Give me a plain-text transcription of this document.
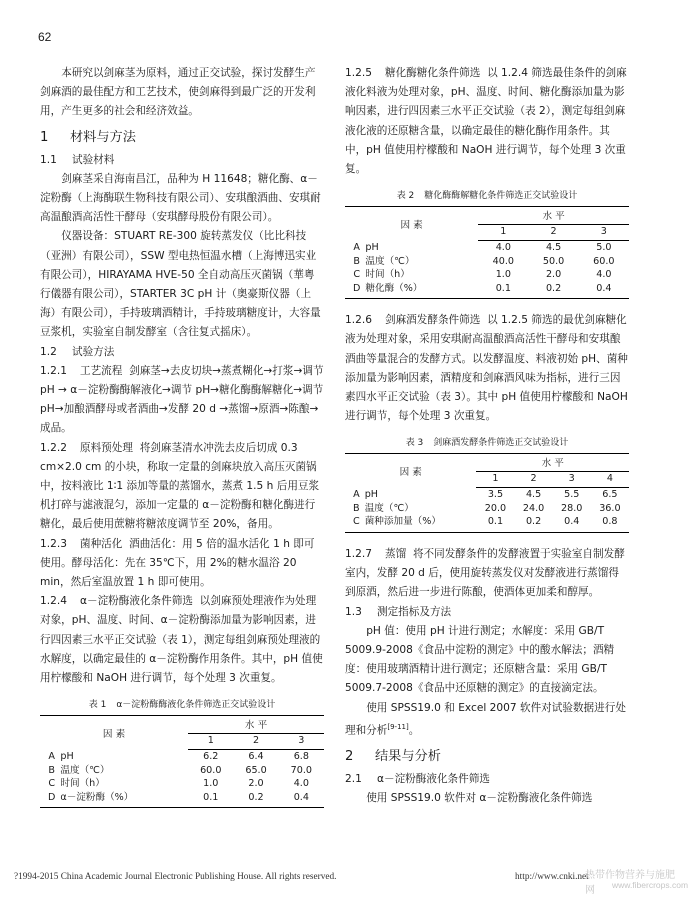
62

本研究以剑麻茎为原料，通过正交试验，探讨发酵生产剑麻酒的最佳配方和工艺技术，使剑麻得到最广泛的开发利用，产生更多的社会和经济效益。

1 材料与方法
1.1 试验材料

剑麻茎采自海南昌江，品种为 H 11648；糖化酶、α－淀粉酶（上海酶联生物科技有限公司）、安琪酿酒曲、安琪耐高温酿酒高活性干酵母（安琪酵母股份有限公司）。

仪器设备：STUART RE-300 旋转蒸发仪（比比科技（亚洲）有限公司），SSW 型电热恒温水槽（上海博迅实业有限公司），HIRAYAMA HVE-50 全自动高压灭菌锅（華粤行儀器有限公司），STARTER 3C pH 计（奥豪斯仪器（上海）有限公司），手持玻璃酒精计，手持玻璃糖度计，大容量豆浆机，实验室自制发酵室（含往复式摇床）。

1.2 试验方法

1.2.1 工艺流程 剑麻茎→去皮切块→蒸煮糊化→打浆→调节 pH → α－淀粉酶酶解液化→调节 pH→糖化酶酶解糖化→调节 pH→加酿酒酵母或者酒曲→发酵 20 d →蒸馏→原酒→陈酿→成品。

1.2.2 原料预处理 将剑麻茎清水冲洗去皮后切成 0.3 cm×2.0 cm 的小块，称取一定量的剑麻块放入高压灭菌锅中，按料液比 1∶1 添加等量的蒸馏水，蒸煮 1.5 h 后用豆浆机打碎与滤液混匀，添加一定量的 α－淀粉酶和糖化酶进行糖化，最后使用蔗糖将糖浓度调节至 20%，备用。

1.2.3 菌种活化 酒曲活化：用 5 倍的温水活化 1 h 即可使用。酵母活化：先在 35℃下，用 2%的糖水温浴 20 min，然后室温放置 1 h 即可使用。

1.2.4 α－淀粉酶液化条件筛选 以剑麻预处理液作为处理对象，pH、温度、时间、α－淀粉酶添加量为影响因素，进行四因素三水平正交试验（表 1），测定每组剑麻预处理液的水解度，以确定最佳的 α－淀粉酶作用条件。其中，pH 值使用柠檬酸和 NaOH 进行调节，每个处理 3 次重复。

表 1 α－淀粉酶酶液化条件筛选正交试验设计
因 素		水 平		
		1	2	3
A	pH	6.2	6.4	6.8
B	温度（℃）	60.0	65.0	70.0
C	时间（h）	1.0	2.0	4.0
D	α－淀粉酶（%）	0.1	0.2	0.4

1.2.5 糖化酶糖化条件筛选 以 1.2.4 筛选最佳条件的剑麻液化料液为处理对象，pH、温度、时间、糖化酶添加量为影响因素，进行四因素三水平正交试验（表 2），测定每组剑麻液化液的还原糖含量，以确定最佳的糖化酶作用条件。其中，pH 值使用柠檬酸和 NaOH 进行调节，每个处理 3 次重复。

表 2 糖化酶酶解糖化条件筛选正交试验设计
因 素		水 平		
		1	2	3
A	pH	4.0	4.5	5.0
B	温度（℃）	40.0	50.0	60.0
C	时间（h）	1.0	2.0	4.0
D	糖化酶（%）	0.1	0.2	0.4

1.2.6 剑麻酒发酵条件筛选 以 1.2.5 筛选的最优剑麻糖化液为处理对象，采用安琪耐高温酿酒高活性干酵母和安琪酿酒曲等量混合的发酵方式。以发酵温度、料液初始 pH、菌种添加量为影响因素，酒精度和剑麻酒风味为指标，进行三因素四水平正交试验（表 3）。其中 pH 值使用柠檬酸和 NaOH 进行调节，每个处理 3 次重复。

表 3 剑麻酒发酵条件筛选正交试验设计
因 素		水 平			
		1	2	3	4
A	pH	3.5	4.5	5.5	6.5
B	温度（℃）	20.0	24.0	28.0	36.0
C	菌种添加量（%）	0.1	0.2	0.4	0.8

1.2.7 蒸馏 将不同发酵条件的发酵液置于实验室自制发酵室内，发酵 20 d 后，使用旋转蒸发仪对发酵液进行蒸馏得到原酒，然后进一步进行陈酿，使酒体更加柔和醇厚。

1.3 测定指标及方法

pH 值：使用 pH 计进行测定；水解度：采用 GB/T 5009.9-2008《食品中淀粉的测定》中的酸水解法；酒精度：使用玻璃酒精计进行测定；还原糖含量：采用 GB/T 5009.7-2008《食品中还原糖的测定》的直接滴定法。

使用 SPSS19.0 和 Excel 2007 软件对试验数据进行处理和分析[9-11]。

2 结果与分析
2.1 α－淀粉酶液化条件筛选

使用 SPSS19.0 软件对 α－淀粉酶液化条件筛选

?1994-2015 China Academic Journal Electronic Publishing House. All rights reserved.	http://www.cnki.net
热带作物营养与施肥网	www.fibercrops.com
